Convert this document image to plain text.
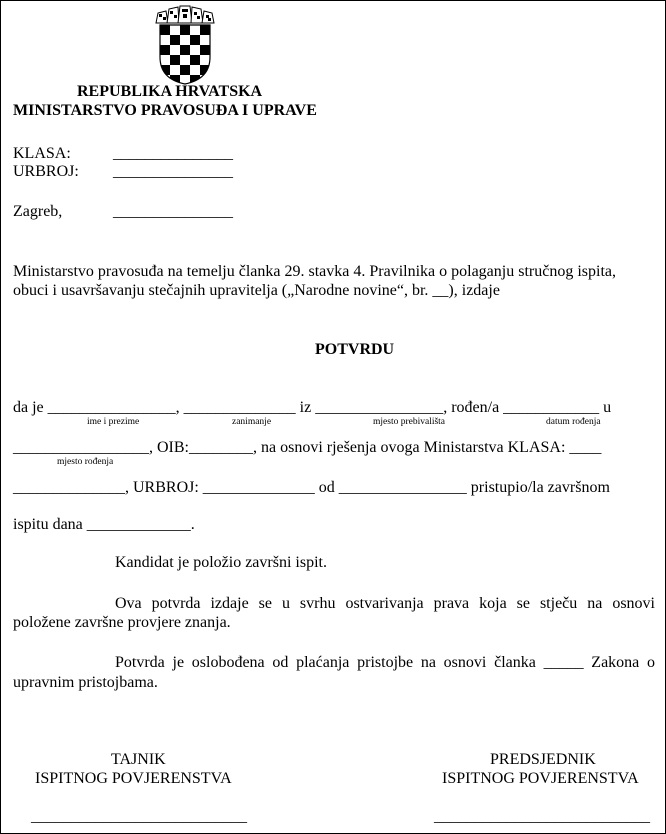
REPUBLIKA HRVATSKA
MINISTARSTVO PRAVOSUĐA I UPRAVE
KLASA:	_______________
URBROJ: _______________
Zagreb,	_______________
Ministarstvo pravosuđa na temelju članka 29. stavka 4. Pravilnika o polaganju stručnog ispita,
obuci i usavršavanju stečajnih upravitelja („Narodne novine“, br. __), izdaje
POTVRDU
da je ________________, ______________ iz ________________, rođen/a ____________ u
ime i prezime	zanimanje	mjesto prebivališta	datum rođenja
_________________, OIB:________, na osnovi rješenja ovoga Ministarstva KLASA: ____
mjesto rođenja
______________, URBROJ: ______________ od ________________ pristupio/la završnom
ispitu dana _____________.
Kandidat je položio završni ispit.
Ova potvrda izdaje se u svrhu ostvarivanja prava koja se stječu na osnovi
položene završne provjere znanja.
Potvrda je oslobođena od plaćanja pristojbe na osnovi članka _____ Zakona o
upravnim pristojbama.
TAJNIK
ISPITNOG POVJERENSTVA
___________________________
PREDSJEDNIK
ISPITNOG POVJERENSTVA
___________________________
